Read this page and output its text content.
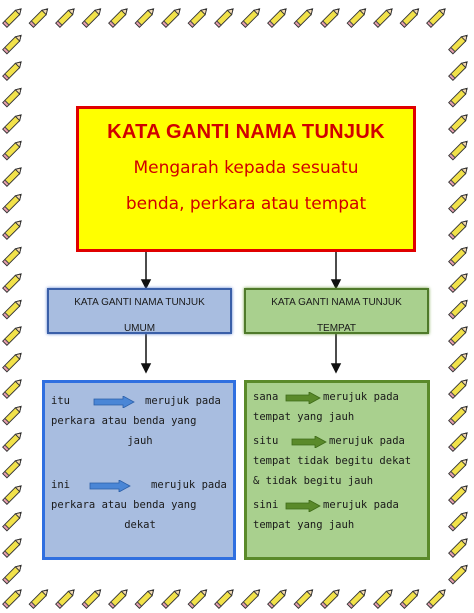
KATA GANTI NAMA TUNJUK
Mengarah kepada sesuatu
benda, perkara atau tempat
KATA GANTI NAMA TUNJUK
UMUM
KATA GANTI NAMA TUNJUK
TEMPAT
itu	merujuk pada
perkara atau benda yang
jauh
ini	merujuk pada
perkara atau benda yang
dekat
sana	merujuk pada
tempat yang jauh
situ	merujuk pada
tempat tidak begitu dekat
& tidak begitu jauh
sini	merujuk pada
tempat yang jauh
